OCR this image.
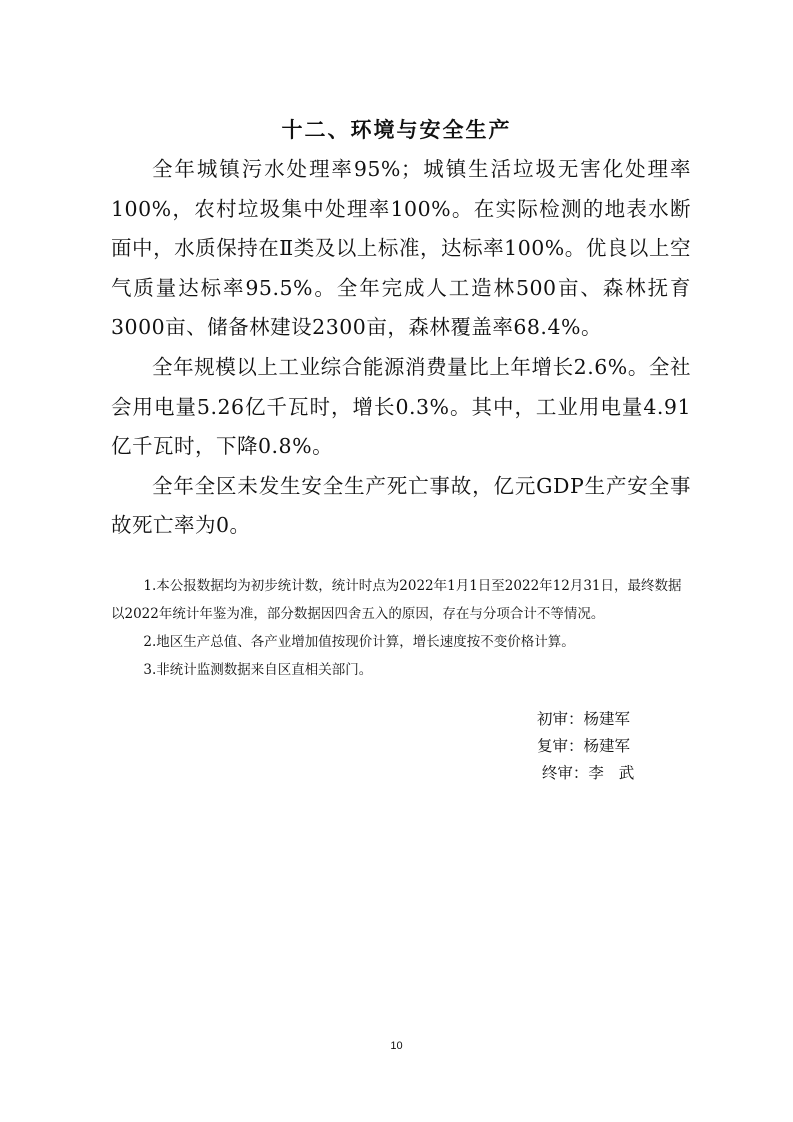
十二、环境与安全生产

全年城镇污水处理率95%；城镇生活垃圾无害化处理率100%，农村垃圾集中处理率100%。在实际检测的地表水断面中，水质保持在Ⅱ类及以上标准，达标率100%。优良以上空气质量达标率95.5%。全年完成人工造林500亩、森林抚育3000亩、储备林建设2300亩，森林覆盖率68.4%。

全年规模以上工业综合能源消费量比上年增长2.6%。全社会用电量5.26亿千瓦时，增长0.3%。其中，工业用电量4.91亿千瓦时，下降0.8%。

全年全区未发生安全生产死亡事故，亿元GDP生产安全事故死亡率为0。

1.本公报数据均为初步统计数，统计时点为2022年1月1日至2022年12月31日，最终数据以2022年统计年鉴为准，部分数据因四舍五入的原因，存在与分项合计不等情况。

2.地区生产总值、各产业增加值按现价计算，增长速度按不变价格计算。

3.非统计监测数据来自区直相关部门。

初审：杨建军
复审：杨建军
终审：李   武
10
